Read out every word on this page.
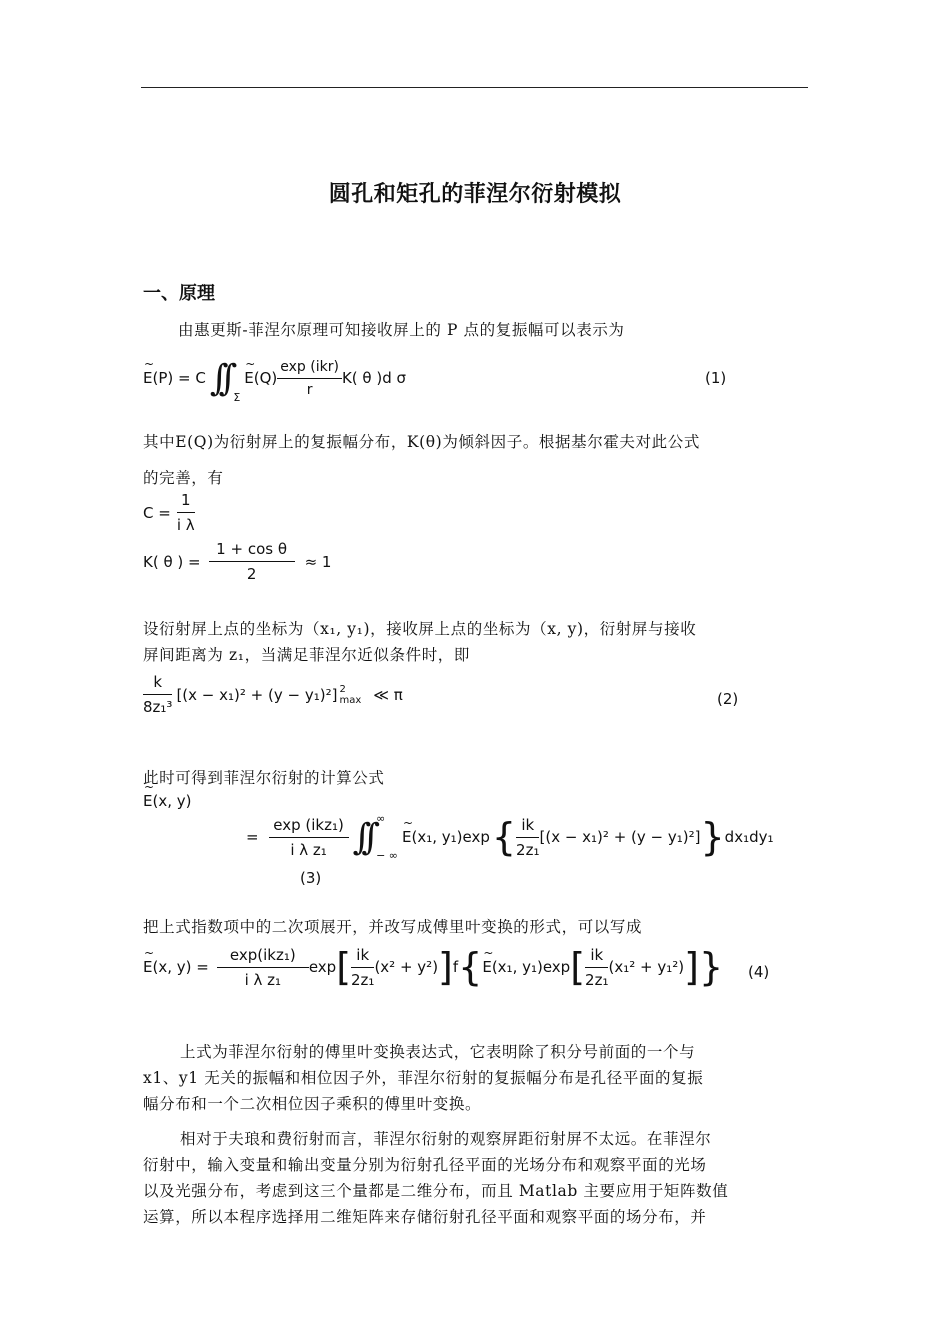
圆孔和矩孔的菲涅尔衍射模拟
一、原理
由惠更斯-菲涅尔原理可知接收屏上的 P 点的复振幅可以表示为
~ E(P) = C ∫∫ Σ
~ $E(Q) \frac{\text{exp (ikr)}}{r} K$( θ )d σ	(1)
其中E(Q)为衍射屏上的复振幅分布，K(θ)为倾斜因子。根据基尔霍夫对此公式
的完善，有
$C = \frac{1}{\text{i λ}}$
K( θ ) = $\frac{\text{1 + cos θ}}{2} \approx 1$
设衍射屏上点的坐标为（x₁, y₁)，接收屏上点的坐标为（x, y)，衍射屏与接收
屏间距离为 z₁，当满足菲涅尔近似条件时，即
$\frac{k}{\text{8z₁³}} [(x - x_1)^2 + (y - y_1)^2]$ 2
max ≪ π	(2)
此时可得到菲涅尔衍射的计算公式
~ E(x, y)
= $\frac{\text{exp (ikz₁)}}{\text{i λ z₁}}$ ∫∫ ∞
− ∞
~ E(x₁, y₁)exp { $\frac{ik}{\text{2z₁}} [(x - x_1)^2 + (y - y_1)^2]$ } dx₁dy₁
(3)
把上式指数项中的二次项展开，并改写成傅里叶变换的形式，可以写成
~ E(x, $y) = \frac{\text{exp⁡(ikz₁)}}{\text{i λ z₁}}$ exp [ $\frac{ik}{\text{2z₁}} (x^2 + y^2)$ ] f {
~ E(x₁, y₁)exp [ $\frac{ik}{\text{2z₁}} (x_1^2 + y_1^2)$ ] } (4)
上式为菲涅尔衍射的傅里叶变换表达式，它表明除了积分号前面的一个与
x1、y1 无关的振幅和相位因子外，菲涅尔衍射的复振幅分布是孔径平面的复振
幅分布和一个二次相位因子乘积的傅里叶变换。
相对于夫琅和费衍射而言，菲涅尔衍射的观察屏距衍射屏不太远。在菲涅尔
衍射中，输入变量和输出变量分别为衍射孔径平面的光场分布和观察平面的光场
以及光强分布，考虑到这三个量都是二维分布，而且 Matlab 主要应用于矩阵数值
运算，所以本程序选择用二维矩阵来存储衍射孔径平面和观察平面的场分布，并
